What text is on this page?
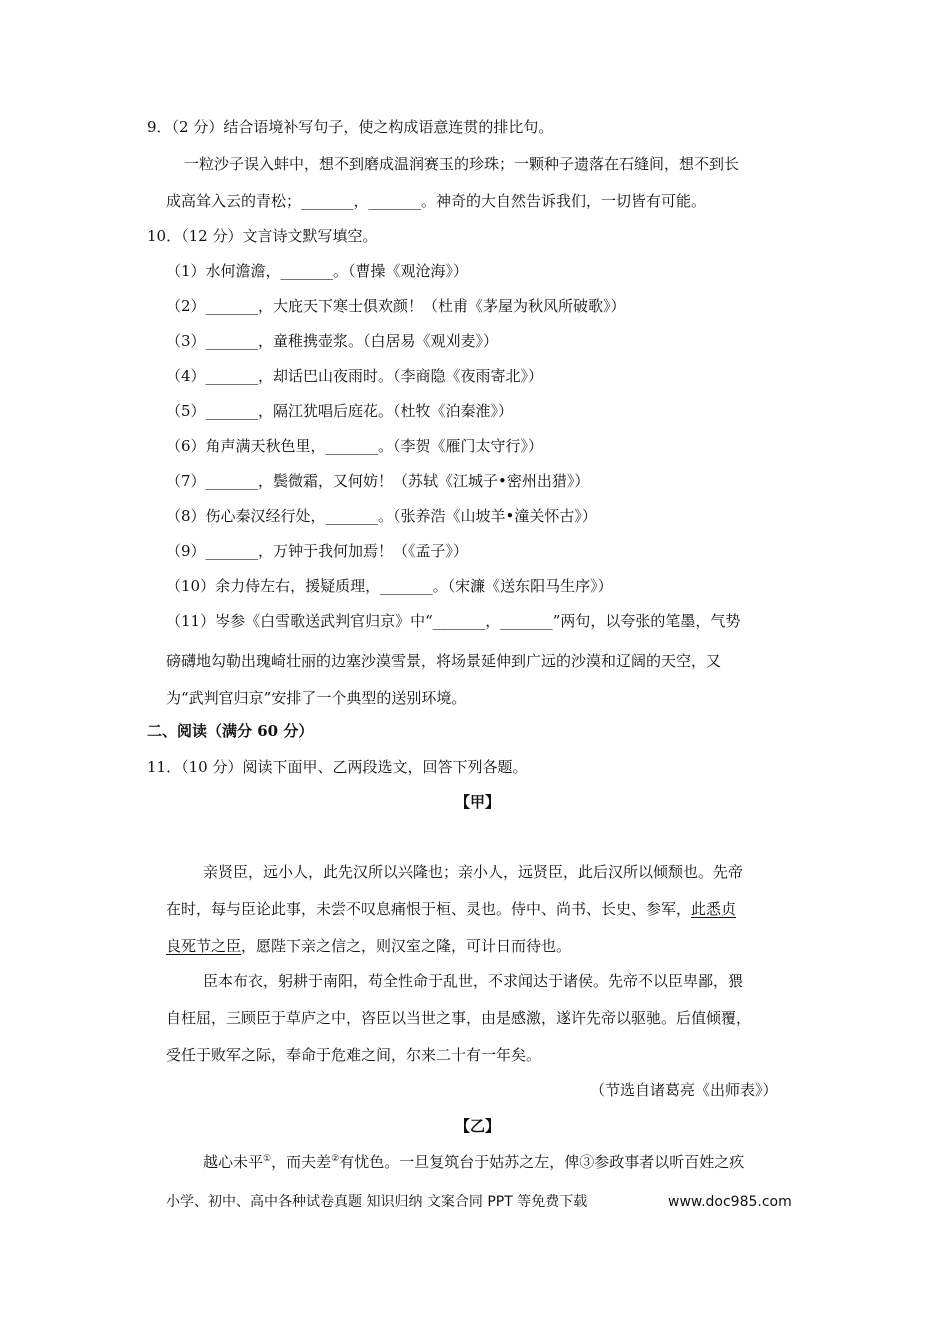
9．（2 分）结合语境补写句子，使之构成语意连贯的排比句。
一粒沙子误入蚌中，想不到磨成温润赛玉的珍珠；一颗种子遗落在石缝间，想不到长
成高耸入云的青松；_______，_______。神奇的大自然告诉我们，一切皆有可能。
10．（12 分）文言诗文默写填空。
（1）水何澹澹，_______。（曹操《观沧海》）
（2）_______，大庇天下寒士俱欢颜！（杜甫《茅屋为秋风所破歌》）
（3）_______，童稚携壶浆。（白居易《观刈麦》）
（4）_______，却话巴山夜雨时。（李商隐《夜雨寄北》）
（5）_______，隔江犹唱后庭花。（杜牧《泊秦淮》）
（6）角声满天秋色里，_______。（李贺《雁门太守行》）
（7）_______，鬓微霜，又何妨！（苏轼《江城子•密州出猎》）
（8）伤心秦汉经行处，_______。（张养浩《山坡羊•潼关怀古》）
（9）_______，万钟于我何加焉！（《孟子》）
（10）余力侍左右，援疑质理，_______。（宋濂《送东阳马生序》）
（11）岑参《白雪歌送武判官归京》中“_______，_______”两句，以夸张的笔墨，气势
磅礴地勾勒出瑰崎壮丽的边塞沙漠雪景，将场景延伸到广远的沙漠和辽阔的天空，又
为“武判官归京”安排了一个典型的送别环境。
二、阅读（满分 60 分）
11．（10 分）阅读下面甲、乙两段选文，回答下列各题。
【甲】
亲贤臣，远小人，此先汉所以兴隆也；亲小人，远贤臣，此后汉所以倾颓也。先帝
在时，每与臣论此事，未尝不叹息痛恨于桓、灵也。侍中、尚书、长史、参军，此悉贞
良死节之臣，愿陛下亲之信之，则汉室之隆，可计日而待也。
臣本布衣，躬耕于南阳，苟全性命于乱世，不求闻达于诸侯。先帝不以臣卑鄙，猥
自枉屈，三顾臣于草庐之中，咨臣以当世之事，由是感激，遂许先帝以驱驰。后值倾覆，
受任于败军之际，奉命于危难之间，尔来二十有一年矣。
（节选自诸葛亮《出师表》）
【乙】
越心未平①，而夫差②有忧色。一旦复筑台于姑苏之左，俾③参政事者以听百姓之疚
小学、初中、高中各种试卷真题 知识归纳 文案合同 PPT 等免费下载	www.doc985.com
